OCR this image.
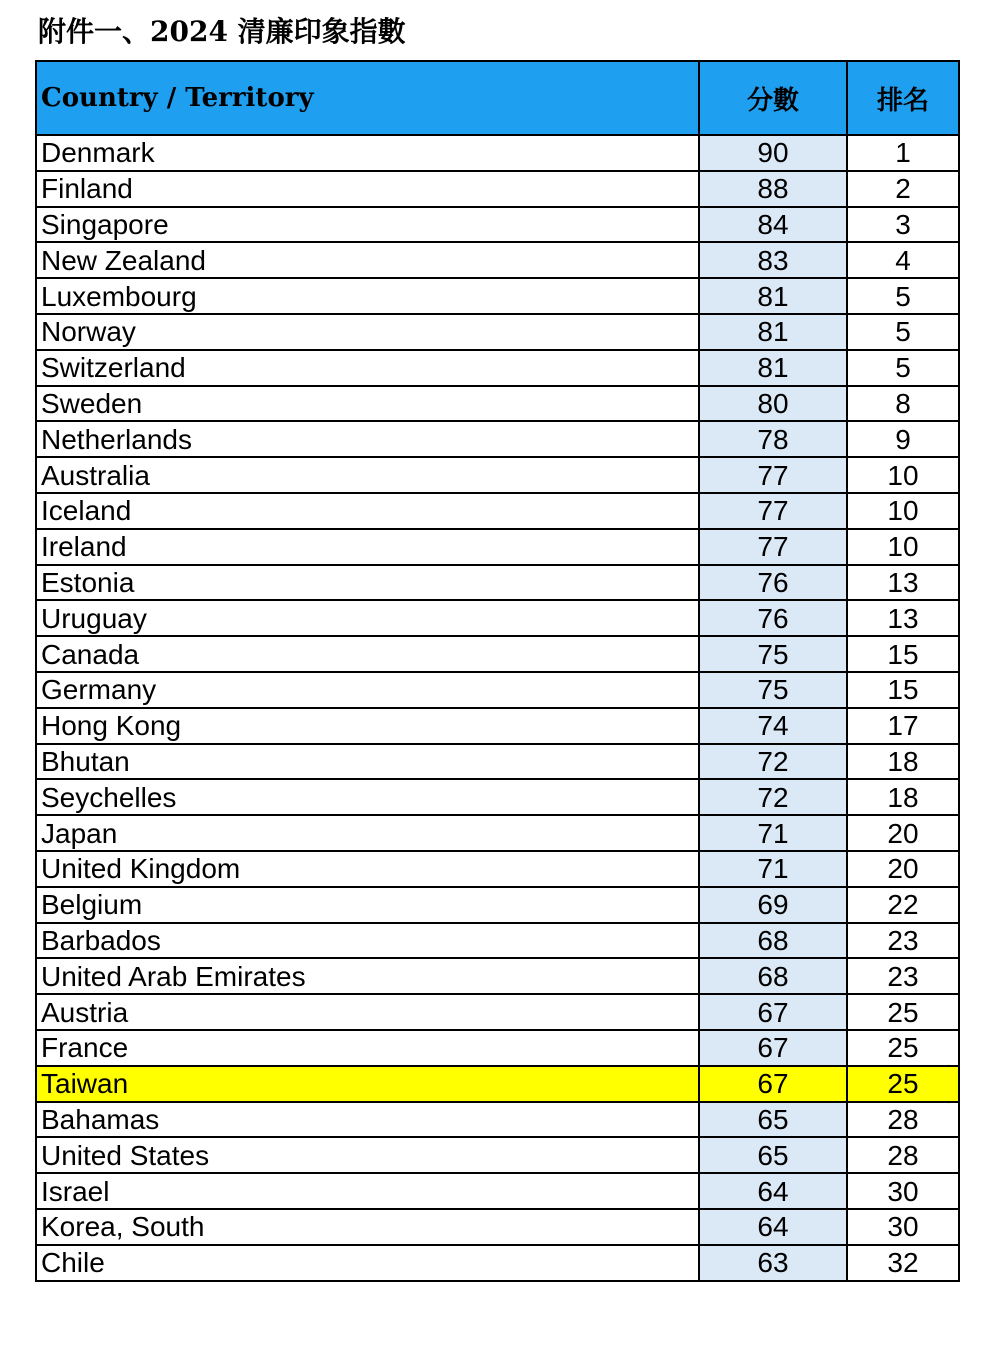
附件一、2024 清廉印象指數
Country / Territory	分數	排名
Denmark	90	1
Finland	88	2
Singapore	84	3
New Zealand	83	4
Luxembourg	81	5
Norway	81	5
Switzerland	81	5
Sweden	80	8
Netherlands	78	9
Australia	77	10
Iceland	77	10
Ireland	77	10
Estonia	76	13
Uruguay	76	13
Canada	75	15
Germany	75	15
Hong Kong	74	17
Bhutan	72	18
Seychelles	72	18
Japan	71	20
United Kingdom	71	20
Belgium	69	22
Barbados	68	23
United Arab Emirates	68	23
Austria	67	25
France	67	25
Taiwan	67	25
Bahamas	65	28
United States	65	28
Israel	64	30
Korea, South	64	30
Chile	63	32
